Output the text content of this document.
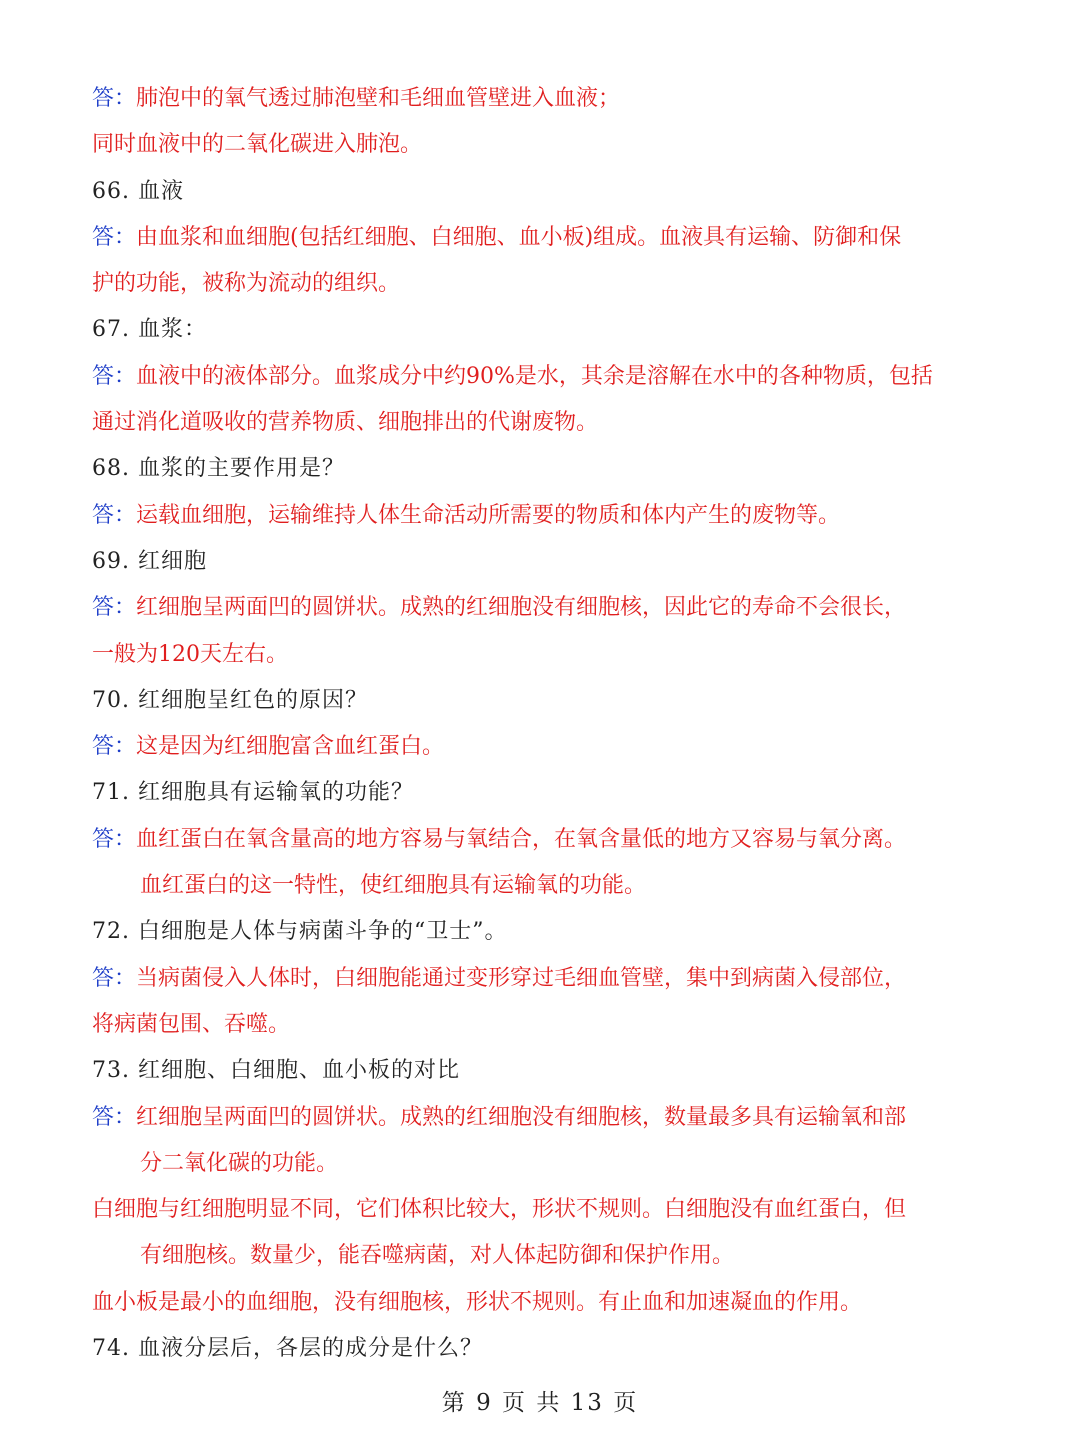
答：肺泡中的氧气透过肺泡壁和毛细血管壁进入血液；
同时血液中的二氧化碳进入肺泡。
66. 血液
答：由血浆和血细胞(包括红细胞、白细胞、血小板)组成。血液具有运输、防御和保
护的功能，被称为流动的组织。
67. 血浆：
答：血液中的液体部分。血浆成分中约90%是水，其余是溶解在水中的各种物质，包括
通过消化道吸收的营养物质、细胞排出的代谢废物。
68. 血浆的主要作用是？
答：运载血细胞，运输维持人体生命活动所需要的物质和体内产生的废物等。
69. 红细胞
答：红细胞呈两面凹的圆饼状。成熟的红细胞没有细胞核，因此它的寿命不会很长，
一般为120天左右。
70. 红细胞呈红色的原因？
答：这是因为红细胞富含血红蛋白。
71. 红细胞具有运输氧的功能？
答：血红蛋白在氧含量高的地方容易与氧结合，在氧含量低的地方又容易与氧分离。
血红蛋白的这一特性，使红细胞具有运输氧的功能。
72. 白细胞是人体与病菌斗争的“卫士”。
答：当病菌侵入人体时，白细胞能通过变形穿过毛细血管壁，集中到病菌入侵部位，
将病菌包围、吞噬。
73. 红细胞、白细胞、血小板的对比
答：红细胞呈两面凹的圆饼状。成熟的红细胞没有细胞核，数量最多具有运输氧和部
分二氧化碳的功能。
白细胞与红细胞明显不同，它们体积比较大，形状不规则。白细胞没有血红蛋白，但
有细胞核。数量少，能吞噬病菌，对人体起防御和保护作用。
血小板是最小的血细胞，没有细胞核，形状不规则。有止血和加速凝血的作用。
74. 血液分层后，各层的成分是什么？
第 9 页 共 13 页
